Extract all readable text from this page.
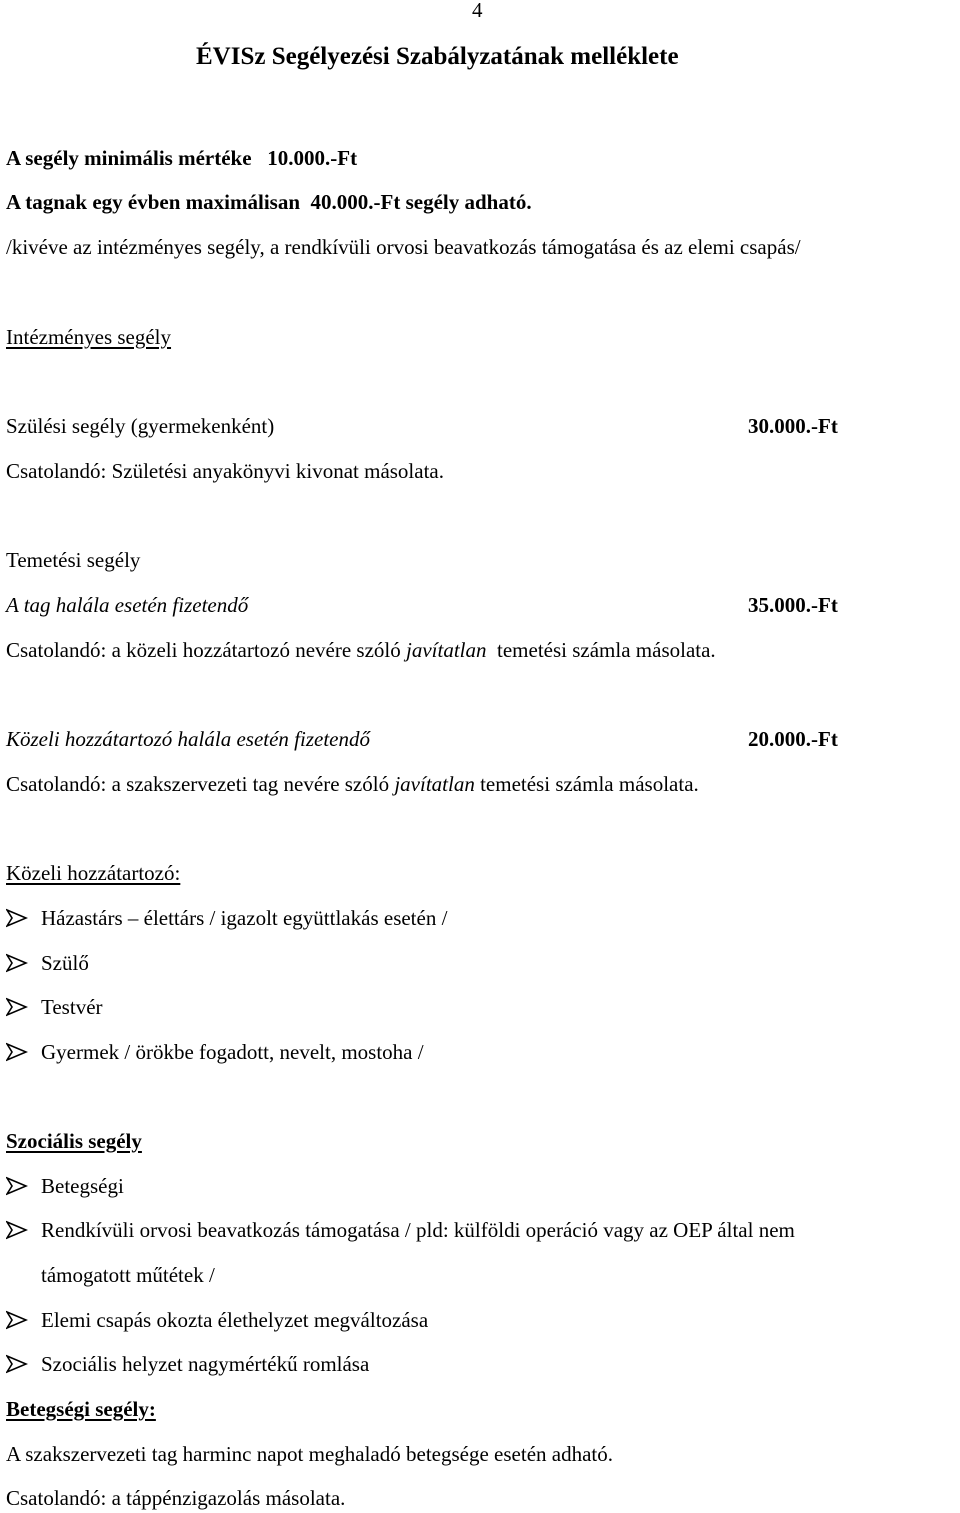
4
ÉVISz Segélyezési Szabályzatának melléklete
A segély minimális mértéke 10.000.-Ft
A tagnak egy évben maximálisan 40.000.-Ft segély adható.
/kivéve az intézményes segély, a rendkívüli orvosi beavatkozás támogatása és az elemi csapás/
Intézményes segély
Szülési segély (gyermekenként)	30.000.-Ft
Csatolandó: Születési anyakönyvi kivonat másolata.
Temetési segély
A tag halála esetén fizetendő	35.000.-Ft
Csatolandó: a közeli hozzátartozó nevére szóló javítatlan temetési számla másolata.
Közeli hozzátartozó halála esetén fizetendő	20.000.-Ft
Csatolandó: a szakszervezeti tag nevére szóló javítatlan temetési számla másolata.
Közeli hozzátartozó:
Házastárs – élettárs / igazolt együttlakás esetén /
Szülő
Testvér
Gyermek / örökbe fogadott, nevelt, mostoha /
Szociális segély
Betegségi
Rendkívüli orvosi beavatkozás támogatása / pld: külföldi operáció vagy az OEP által nem
támogatott műtétek /
Elemi csapás okozta élethelyzet megváltozása
Szociális helyzet nagymértékű romlása
Betegségi segély:
A szakszervezeti tag harminc napot meghaladó betegsége esetén adható.
Csatolandó: a táppénzigazolás másolata.
